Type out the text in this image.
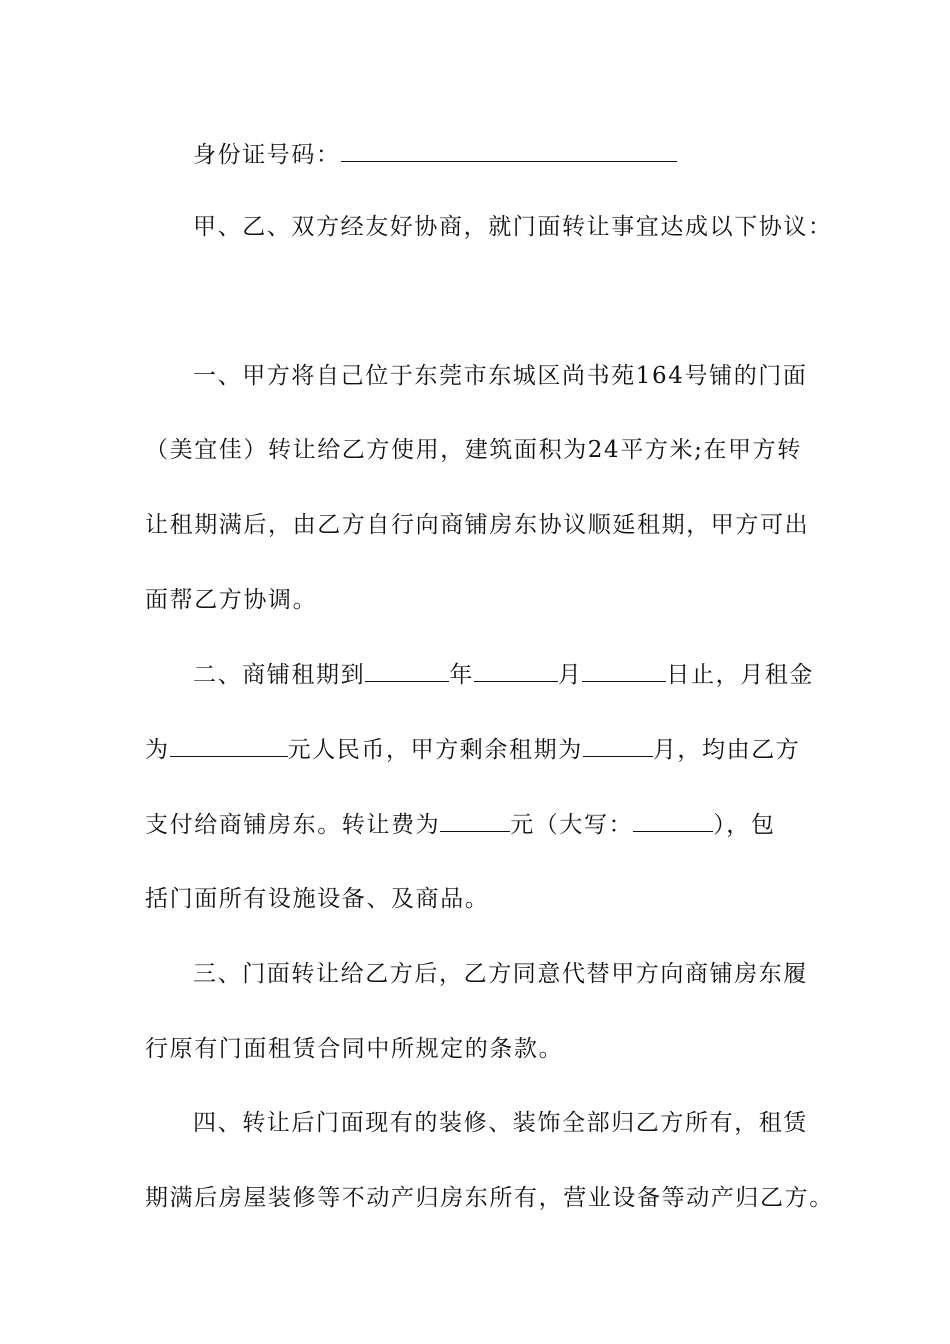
身份证号码：
甲、乙、双方经友好协商，就门面转让事宜达成以下协议：
一、甲方将自己位于东莞市东城区尚书苑164号铺的门面
（美宜佳）转让给乙方使用，建筑面积为24平方米;在甲方转
让租期满后，由乙方自行向商铺房东协议顺延租期，甲方可出
面帮乙方协调。
二、商铺租期到	年	月	日止，月租金
为	元人民币，甲方剩余租期为	月，均由乙方
支付给商铺房东。转让费为	元（大写：	），包
括门面所有设施设备、及商品。
三、门面转让给乙方后，乙方同意代替甲方向商铺房东履
行原有门面租赁合同中所规定的条款。
四、转让后门面现有的装修、装饰全部归乙方所有，租赁
期满后房屋装修等不动产归房东所有，营业设备等动产归乙方。
